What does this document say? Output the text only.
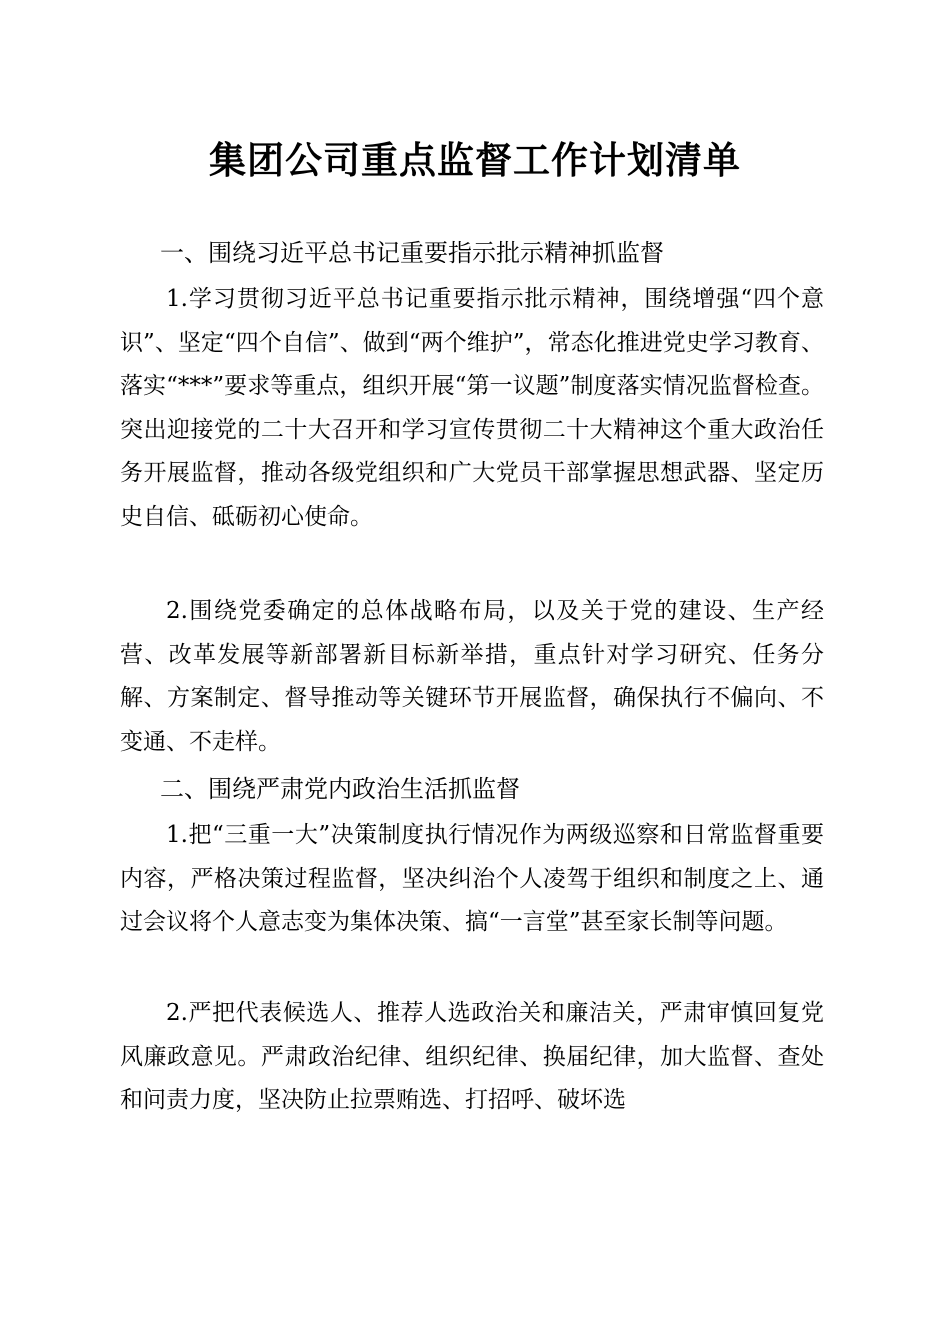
集团公司重点监督工作计划清单
一、围绕习近平总书记重要指示批示精神抓监督
1.学习贯彻习近平总书记重要指示批示精神，围绕增强“四个意识”、坚定“四个自信”、做到“两个维护”，常态化推进党史学习教育、落实“***”要求等重点，组织开展“第一议题”制度落实情况监督检查。突出迎接党的二十大召开和学习宣传贯彻二十大精神这个重大政治任务开展监督，推动各级党组织和广大党员干部掌握思想武器、坚定历史自信、砥砺初心使命。
2.围绕党委确定的总体战略布局，以及关于党的建设、生产经营、改革发展等新部署新目标新举措，重点针对学习研究、任务分解、方案制定、督导推动等关键环节开展监督，确保执行不偏向、不变通、不走样。
二、围绕严肃党内政治生活抓监督
1.把“三重一大”决策制度执行情况作为两级巡察和日常监督重要内容，严格决策过程监督，坚决纠治个人凌驾于组织和制度之上、通过会议将个人意志变为集体决策、搞“一言堂”甚至家长制等问题。
2.严把代表候选人、推荐人选政治关和廉洁关，严肃审慎回复党风廉政意见。严肃政治纪律、组织纪律、换届纪律，加大监督、查处和问责力度，坚决防止拉票贿选、打招呼、破坏选
